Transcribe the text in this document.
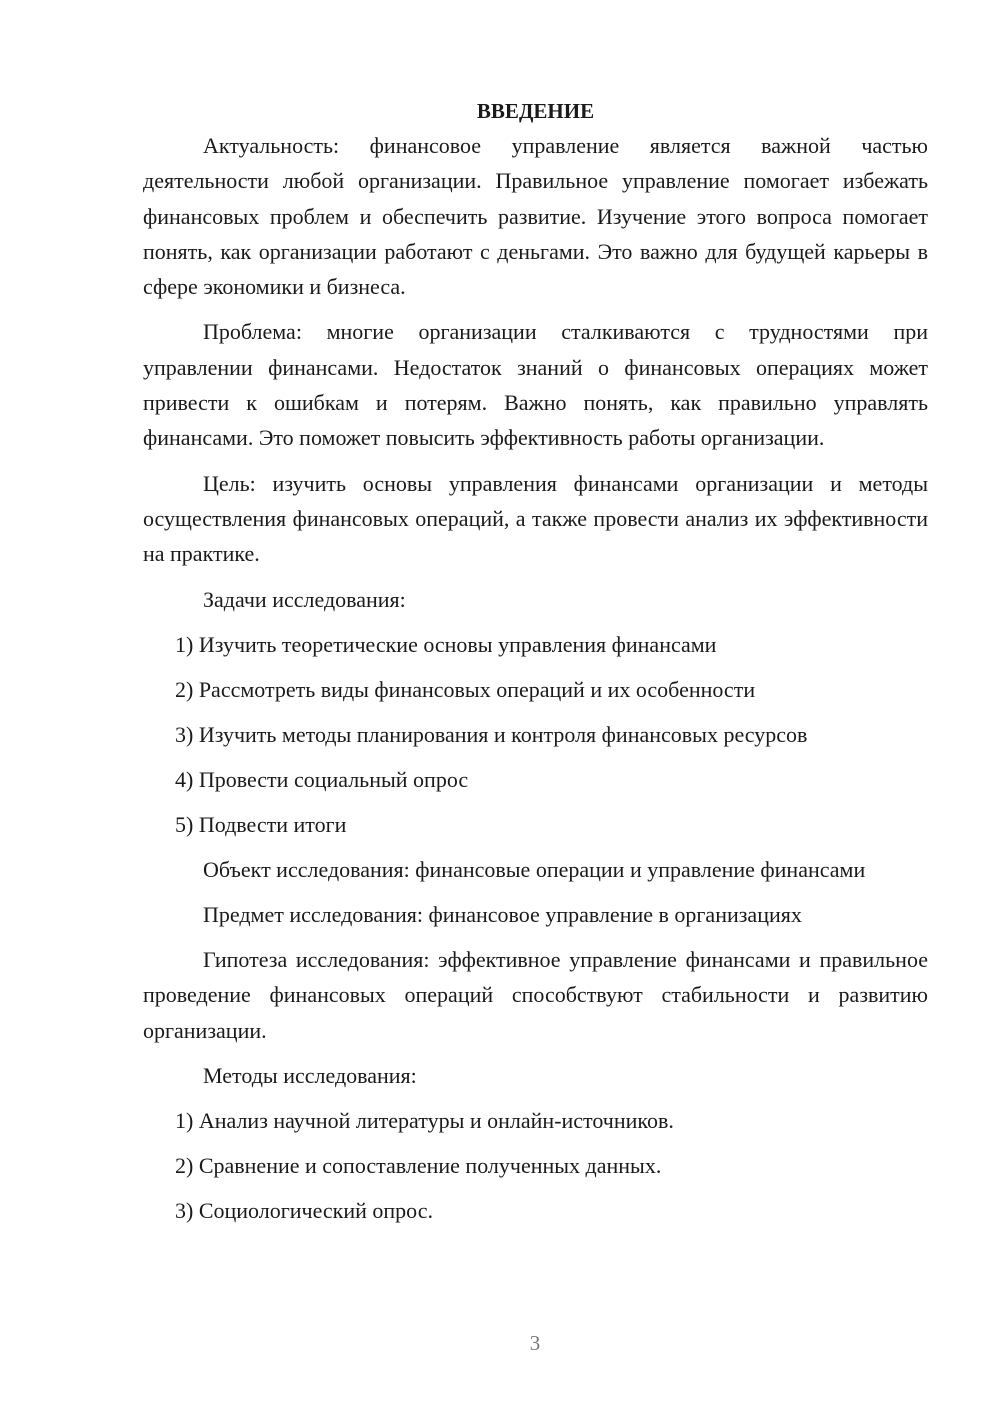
ВВЕДЕНИЕ

Актуальность: финансовое управление является важной частью деятельности любой организации. Правильное управление помогает избежать финансовых проблем и обеспечить развитие. Изучение этого вопроса помогает понять, как организации работают с деньгами. Это важно для будущей карьеры в сфере экономики и бизнеса.

Проблема: многие организации сталкиваются с трудностями при управлении финансами. Недостаток знаний о финансовых операциях может привести к ошибкам и потерям. Важно понять, как правильно управлять финансами. Это поможет повысить эффективность работы организации.

Цель: изучить основы управления финансами организации и методы осуществления финансовых операций, а также провести анализ их эффективности на практике.

Задачи исследования:
1) Изучить теоретические основы управления финансами
2) Рассмотреть виды финансовых операций и их особенности
3) Изучить методы планирования и контроля финансовых ресурсов
4) Провести социальный опрос
5) Подвести итоги

Объект исследования: финансовые операции и управление финансами

Предмет исследования: финансовое управление в организациях

Гипотеза исследования: эффективное управление финансами и правильное проведение финансовых операций способствуют стабильности и развитию организации.

Методы исследования:
1) Анализ научной литературы и онлайн-источников.
2) Сравнение и сопоставление полученных данных.
3) Социологический опрос.
3
